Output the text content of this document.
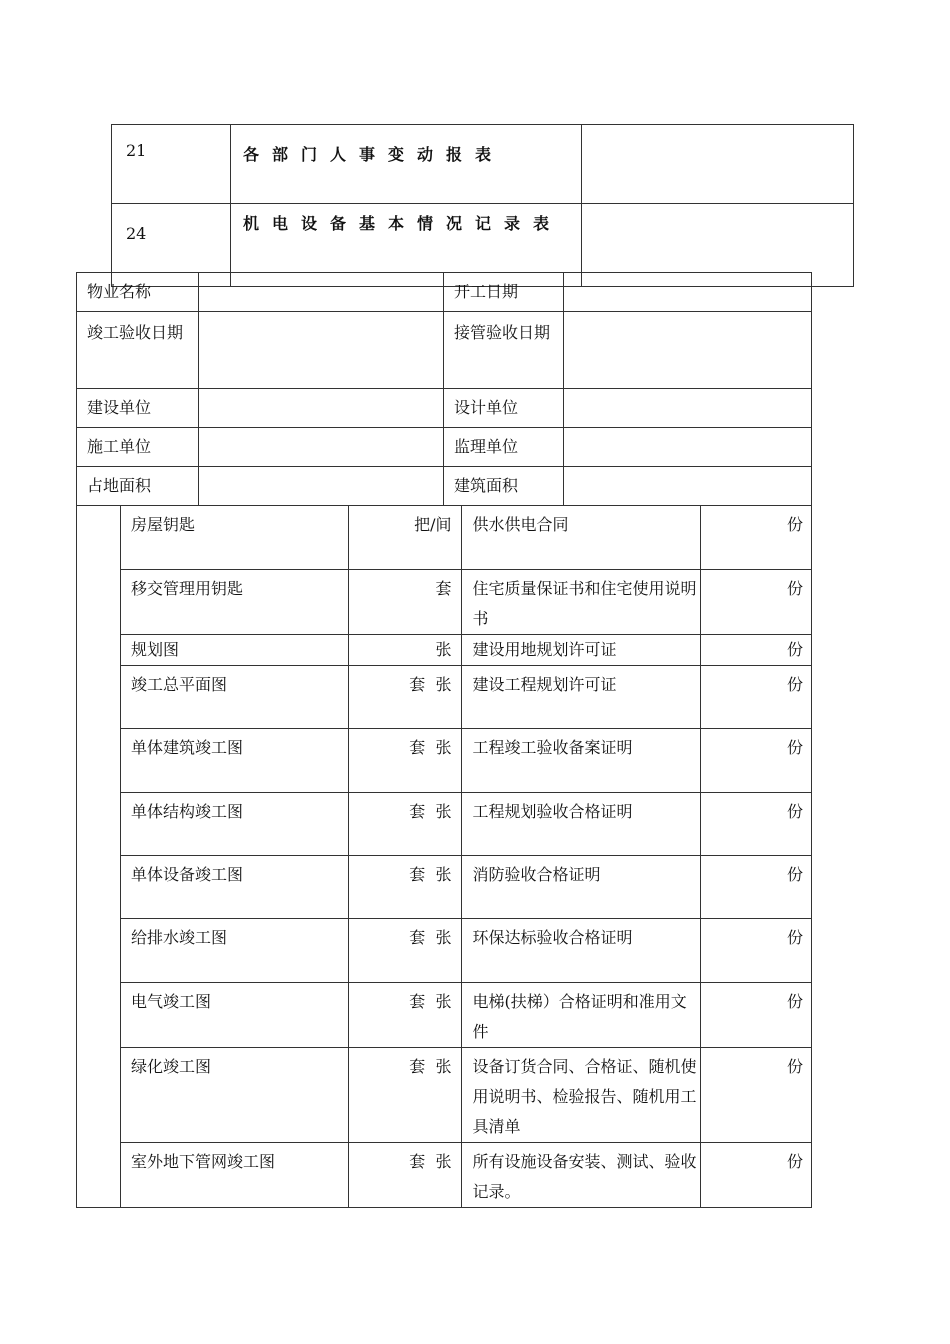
21	各部门人事变动报表	
24	机电设备基本情况记录表	
物业名称		开工日期	
竣工验收日期		接管验收日期	
建设单位		设计单位	
施工单位		监理单位	
占地面积		建筑面积	
	房屋钥匙	把/间	供水供电合同	份
	移交管理用钥匙	套	住宅质量保证书和住宅使用说明书	份
	规划图	张	建设用地规划许可证	份
	竣工总平面图	套  张	建设工程规划许可证	份
	单体建筑竣工图	套  张	工程竣工验收备案证明	份
	单体结构竣工图	套  张	工程规划验收合格证明	份
	单体设备竣工图	套  张	消防验收合格证明	份
	给排水竣工图	套  张	环保达标验收合格证明	份
	电气竣工图	套  张	电梯(扶梯）合格证明和准用文件	份
	绿化竣工图	套  张	设备订货合同、合格证、随机使用说明书、检验报告、随机用工具清单	份
	室外地下管网竣工图	套  张	所有设施设备安装、测试、验收记录。	份
